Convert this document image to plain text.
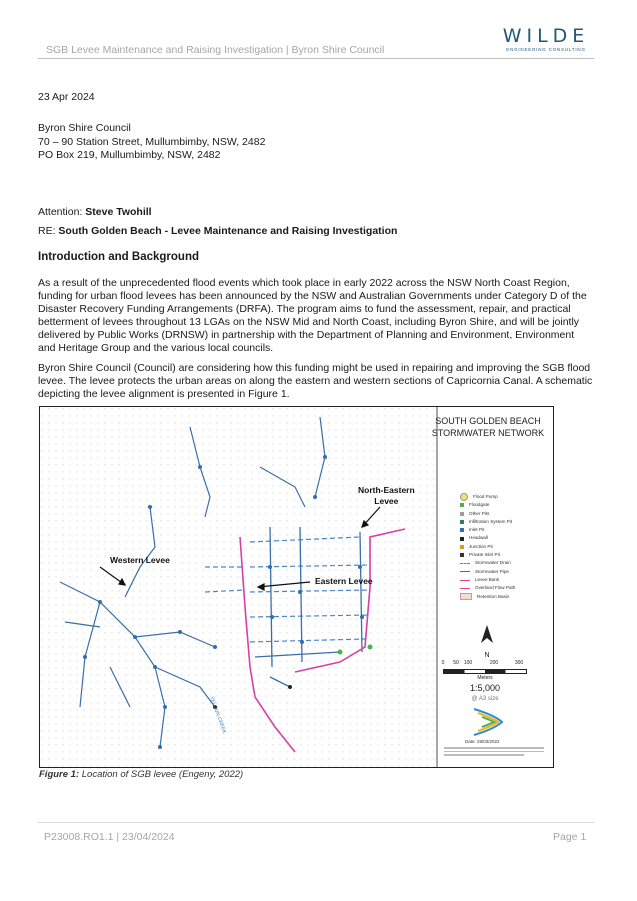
SGB Levee Maintenance and Raising Investigation | Byron Shire Council
WILDE
ENGINEERING CONSULTING
23 Apr 2024
Byron Shire Council
70 – 90 Station Street, Mullumbimby, NSW, 2482
PO Box 219, Mullumbimby, NSW, 2482
Attention: Steve Twohill
RE: South Golden Beach - Levee Maintenance and Raising Investigation
Introduction and Background

As a result of the unprecedented flood events which took place in early 2022 across the NSW North Coast Region,

funding for urban flood levees has been announced by the NSW and Australian Governments under Category D of the

Disaster Recovery Funding Arrangements (DRFA). The program aims to fund the assessment, repair, and practical

betterment of levees throughout 13 LGAs on the NSW Mid and North Coast, including Byron Shire, and will be jointly

delivered by Public Works (DRNSW) in partnership with the Department of Planning and Environment, Environment

and Heritage Group and the various local councils.

Byron Shire Council (Council) are considering how this funding might be used in repairing and improving the SGB flood

levee. The levee protects the urban areas on along the eastern and western sections of Capricornia Canal. A schematic

depicting the levee alignment is presented in Figure 1.

YELGUN CREEK
SOUTH GOLDEN BEACH
STORMWATER NETWORK
Western Levee
Eastern Levee
North-Eastern
Levee	Flood Pump
Floodgate
Other Pits
Infiltration System Pit
Inlet Pit
Headwall
Junction Pit
Private Inlet Pit
Stormwater Drain
Stormwater Pipe
Levee Bank
Overland Flow Path
Retention Basin
N
0 50 100	200	300
Meters
1:5,000
@ A3 size
Date: 29/03/2022
Figure 1: Location of SGB levee (Engeny, 2022)
P23008.RO1.1 | 23/04/2024	Page 1
